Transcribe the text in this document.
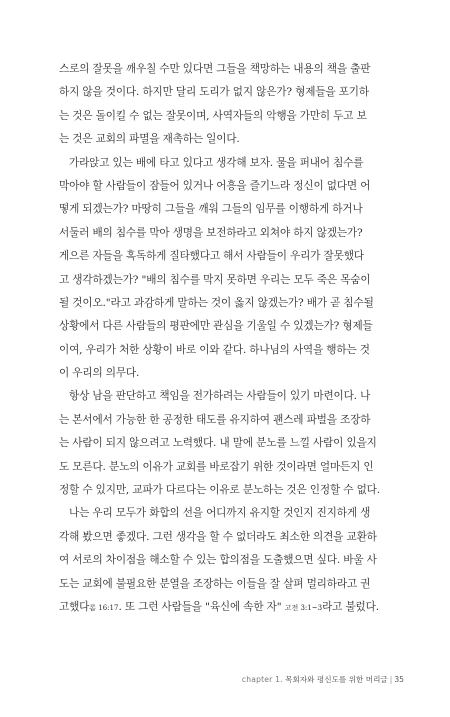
스로의 잘못을 깨우칠 수만 있다면 그들을 책망하는 내용의 책을 출판
하지 않을 것이다. 하지만 달리 도리가 없지 않은가? 형제들을 포기하
는 것은 돌이킬 수 없는 잘못이며, 사역자들의 악행을 가만히 두고 보
는 것은 교회의 파멸을 재촉하는 일이다.

가라앉고 있는 배에 타고 있다고 생각해 보자. 물을 퍼내어 침수를
막아야 할 사람들이 잠들어 있거나 어흥을 즐기느라 정신이 없다면 어
떻게 되겠는가? 마땅히 그들을 깨워 그들의 임무를 이행하게 하거나
서둘러 배의 침수를 막아 생명을 보전하라고 외쳐야 하지 않겠는가?
게으른 자들을 혹독하게 질타했다고 해서 사람들이 우리가 잘못했다
고 생각하겠는가? "배의 침수를 막지 못하면 우리는 모두 죽은 목숨이
될 것이오."라고 과감하게 말하는 것이 옳지 않겠는가? 배가 곧 침수될
상황에서 다른 사람들의 평판에만 관심을 기울일 수 있겠는가? 형제들
이여, 우리가 처한 상황이 바로 이와 같다. 하나님의 사역을 행하는 것
이 우리의 의무다.

항상 남을 판단하고 책임을 전가하려는 사람들이 있기 마련이다. 나
는 본서에서 가능한 한 공정한 태도를 유지하여 괜스레 파벌을 조장하
는 사람이 되지 않으려고 노력했다. 내 말에 분노를 느낄 사람이 있을지
도 모른다. 분노의 이유가 교회를 바로잡기 위한 것이라면 얼마든지 인
정할 수 있지만, 교파가 다르다는 이유로 분노하는 것은 인정할 수 없다.

나는 우리 모두가 화합의 선을 어디까지 유지할 것인지 진지하게 생
각해 봤으면 좋겠다. 그런 생각을 할 수 없더라도 최소한 의견을 교환하
여 서로의 차이점을 해소할 수 있는 합의점을 도출했으면 싶다. 바울 사
도는 교회에 불필요한 분열을 조장하는 이들을 잘 살펴 멀리하라고 권
고했다롬 16:17. 또 그런 사람들을 "육신에 속한 자" 고전 3:1~3라고 불렀다.

chapter 1. 목회자와 평신도를 위한 머리글 | 35
